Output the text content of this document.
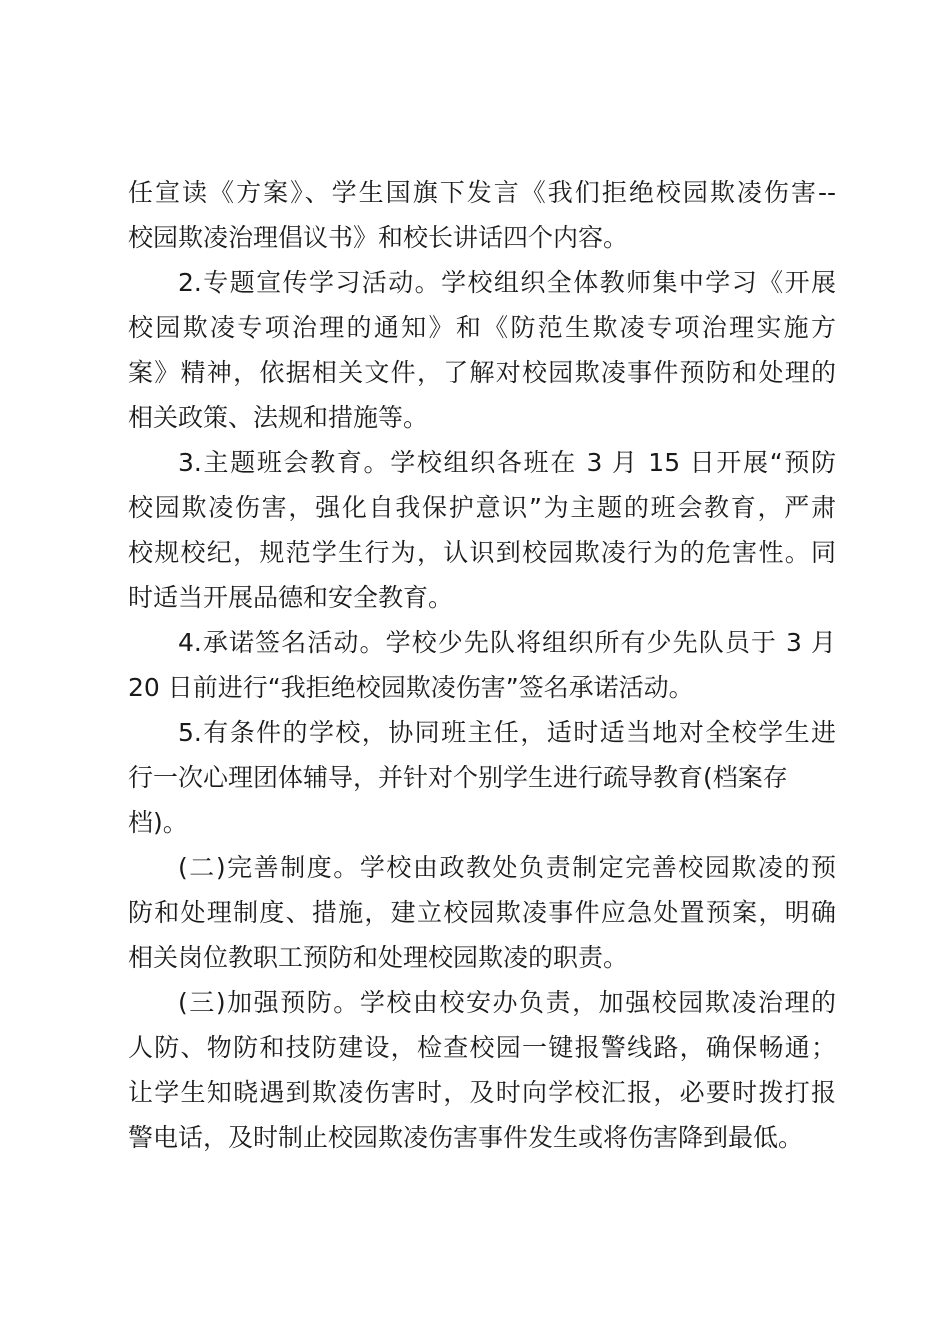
任宣读《方案》、学生国旗下发言《我们拒绝校园欺凌伤害--
校园欺凌治理倡议书》和校长讲话四个内容。
2.专题宣传学习活动。学校组织全体教师集中学习《开展
校园欺凌专项治理的通知》和《防范生欺凌专项治理实施方
案》精神，依据相关文件，了解对校园欺凌事件预防和处理的
相关政策、法规和措施等。
3.主题班会教育。学校组织各班在 3 月 15 日开展“预防
校园欺凌伤害，强化自我保护意识”为主题的班会教育，严肃
校规校纪，规范学生行为，认识到校园欺凌行为的危害性。同
时适当开展品德和安全教育。
4.承诺签名活动。学校少先队将组织所有少先队员于 3 月
20 日前进行“我拒绝校园欺凌伤害”签名承诺活动。
5.有条件的学校，协同班主任，适时适当地对全校学生进
行一次心理团体辅导，并针对个别学生进行疏导教育(档案存
档)。
(二)完善制度。学校由政教处负责制定完善校园欺凌的预
防和处理制度、措施，建立校园欺凌事件应急处置预案，明确
相关岗位教职工预防和处理校园欺凌的职责。
(三)加强预防。学校由校安办负责，加强校园欺凌治理的
人防、物防和技防建设，检查校园一键报警线路，确保畅通；
让学生知晓遇到欺凌伤害时，及时向学校汇报，必要时拨打报
警电话，及时制止校园欺凌伤害事件发生或将伤害降到最低。
